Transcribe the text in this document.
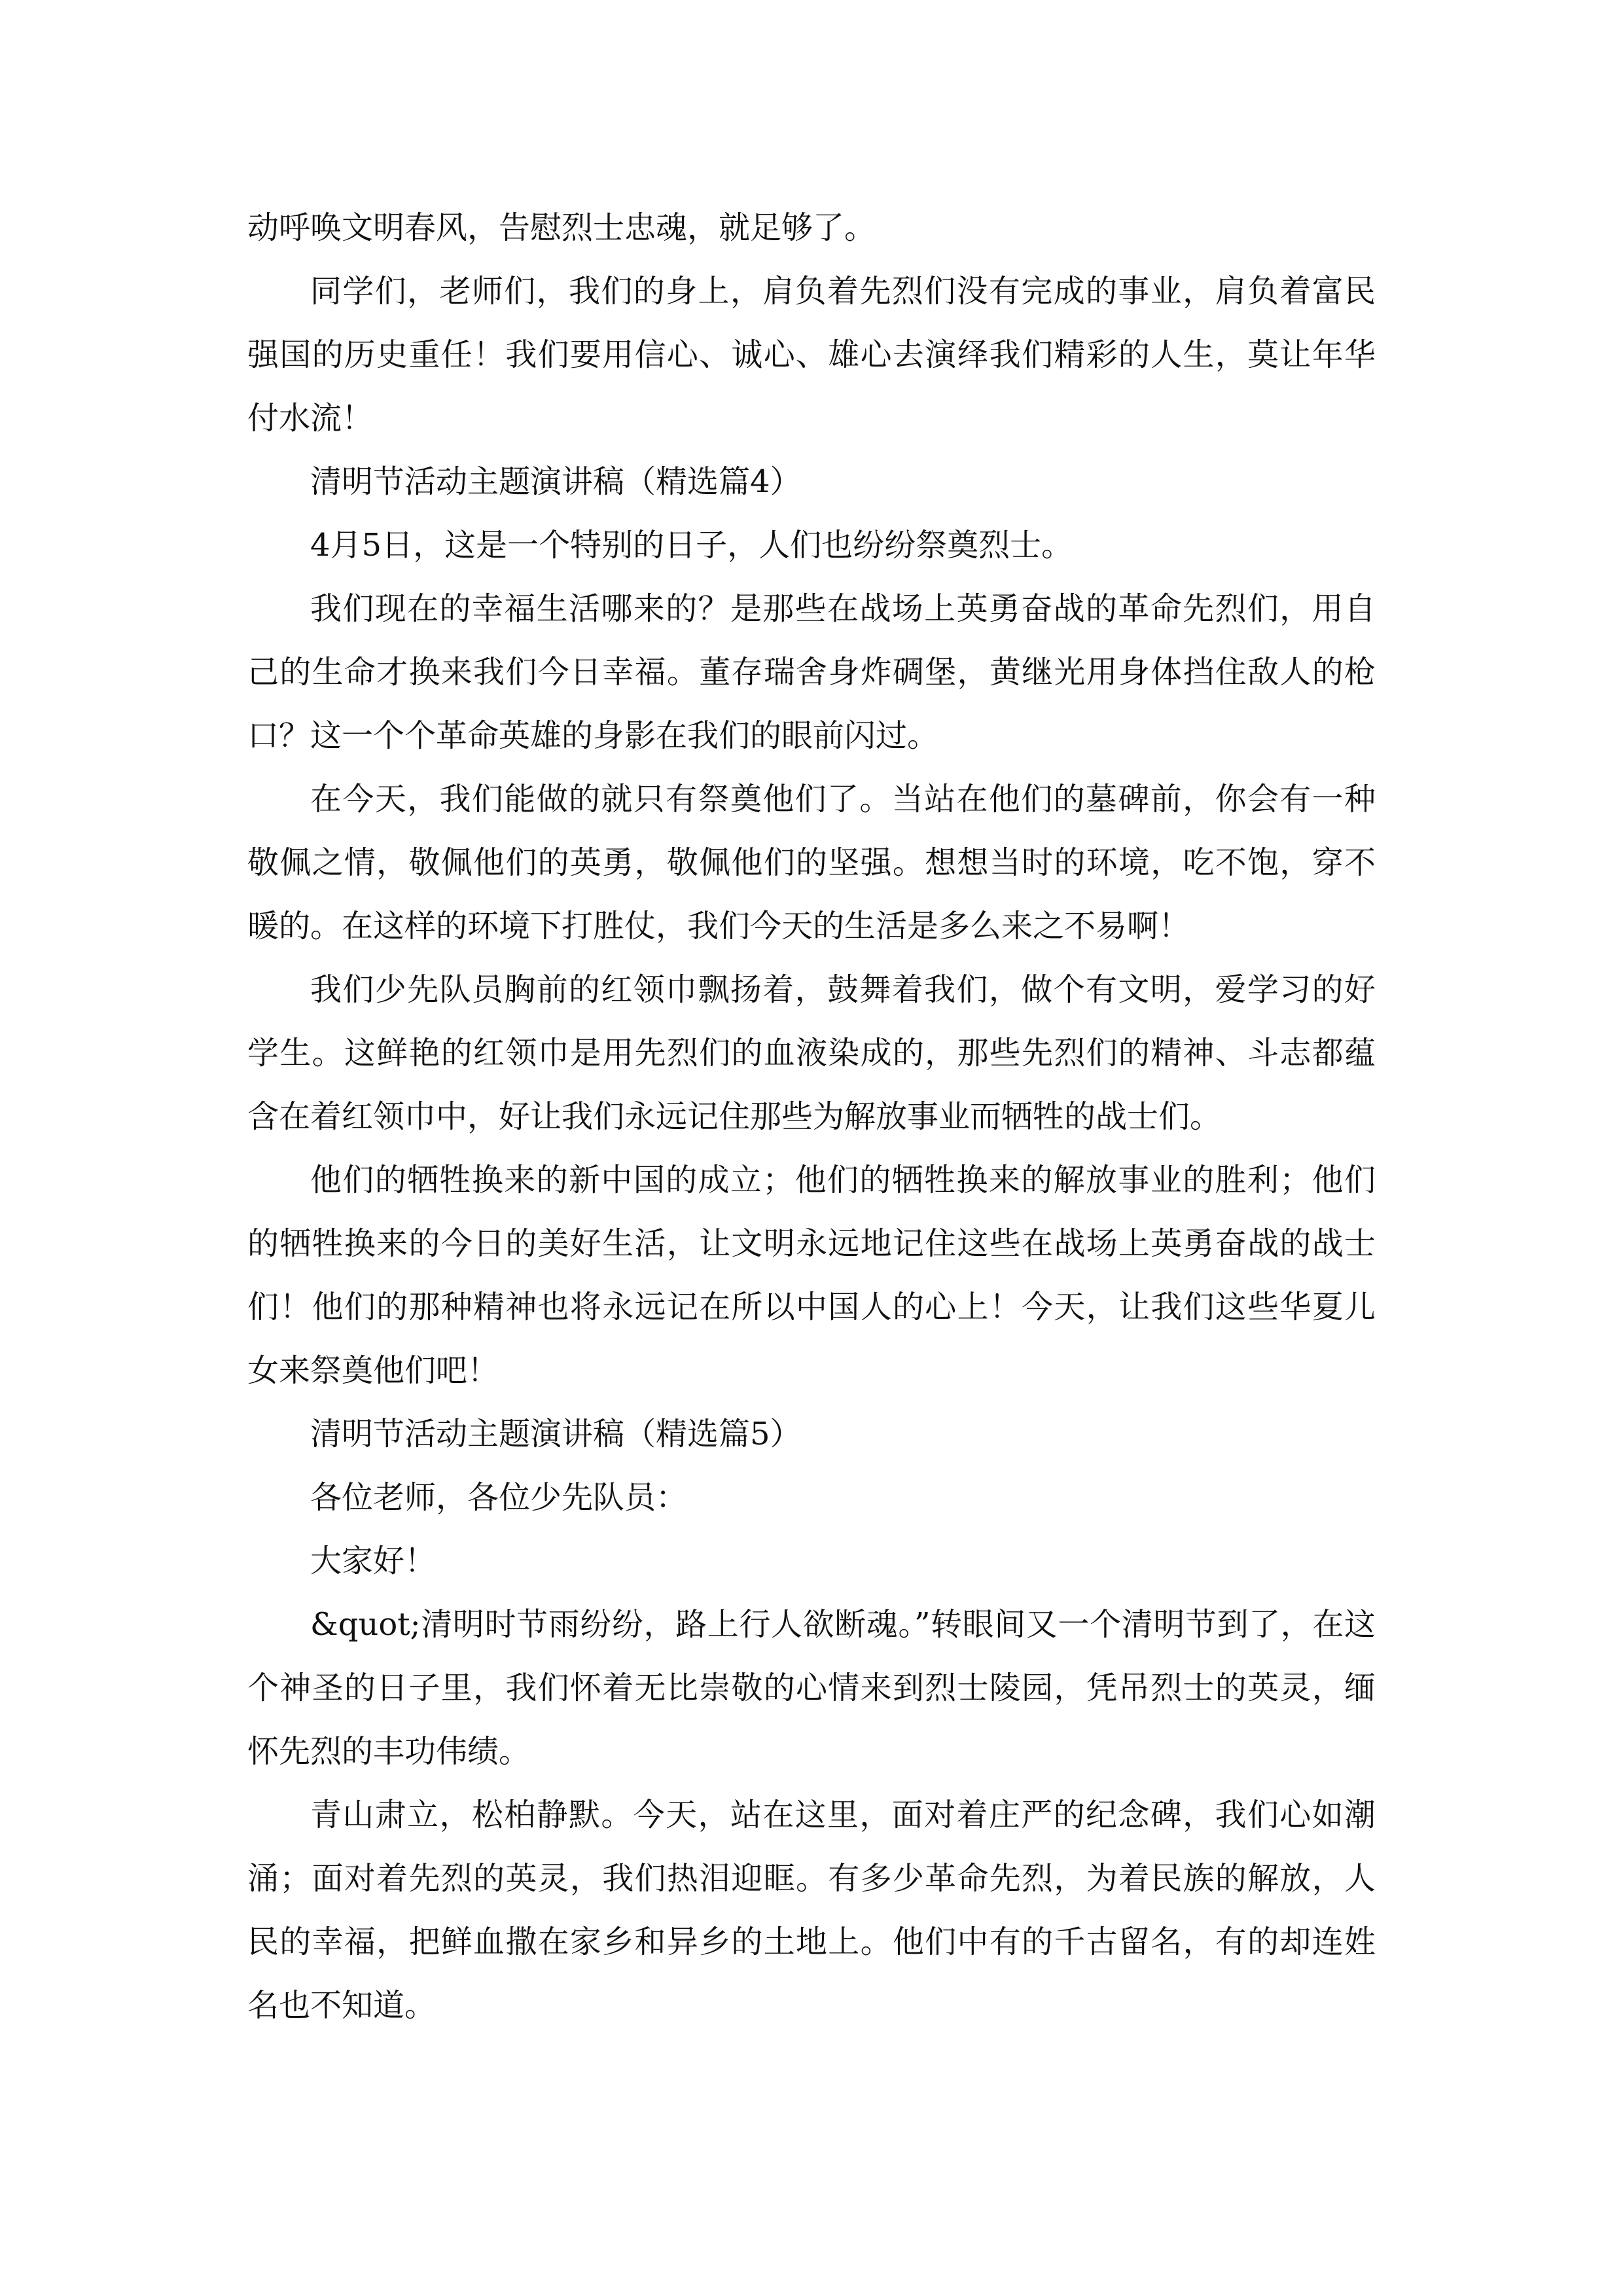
动呼唤文明春风，告慰烈士忠魂，就足够了。

同学们，老师们，我们的身上，肩负着先烈们没有完成的事业，肩负着富民强国的历史重任！我们要用信心、诚心、雄心去演绎我们精彩的人生，莫让年华付水流！

清明节活动主题演讲稿（精选篇4）

4月5日，这是一个特别的日子，人们也纷纷祭奠烈士。

我们现在的幸福生活哪来的？是那些在战场上英勇奋战的革命先烈们，用自己的生命才换来我们今日幸福。董存瑞舍身炸碉堡，黄继光用身体挡住敌人的枪口？这一个个革命英雄的身影在我们的眼前闪过。

在今天，我们能做的就只有祭奠他们了。当站在他们的墓碑前，你会有一种敬佩之情，敬佩他们的英勇，敬佩他们的坚强。想想当时的环境，吃不饱，穿不暖的。在这样的环境下打胜仗，我们今天的生活是多么来之不易啊！

我们少先队员胸前的红领巾飘扬着，鼓舞着我们，做个有文明，爱学习的好学生。这鲜艳的红领巾是用先烈们的血液染成的，那些先烈们的精神、斗志都蕴含在着红领巾中，好让我们永远记住那些为解放事业而牺牲的战士们。

他们的牺牲换来的新中国的成立；他们的牺牲换来的解放事业的胜利；他们的牺牲换来的今日的美好生活，让文明永远地记住这些在战场上英勇奋战的战士们！他们的那种精神也将永远记在所以中国人的心上！今天，让我们这些华夏儿女来祭奠他们吧！

清明节活动主题演讲稿（精选篇5）

各位老师，各位少先队员：

大家好！

&quot;清明时节雨纷纷，路上行人欲断魂。”转眼间又一个清明节到了，在这个神圣的日子里，我们怀着无比崇敬的心情来到烈士陵园，凭吊烈士的英灵，缅怀先烈的丰功伟绩。

青山肃立，松柏静默。今天，站在这里，面对着庄严的纪念碑，我们心如潮涌；面对着先烈的英灵，我们热泪迎眶。有多少革命先烈，为着民族的解放，人民的幸福，把鲜血撒在家乡和异乡的土地上。他们中有的千古留名，有的却连姓名也不知道。
